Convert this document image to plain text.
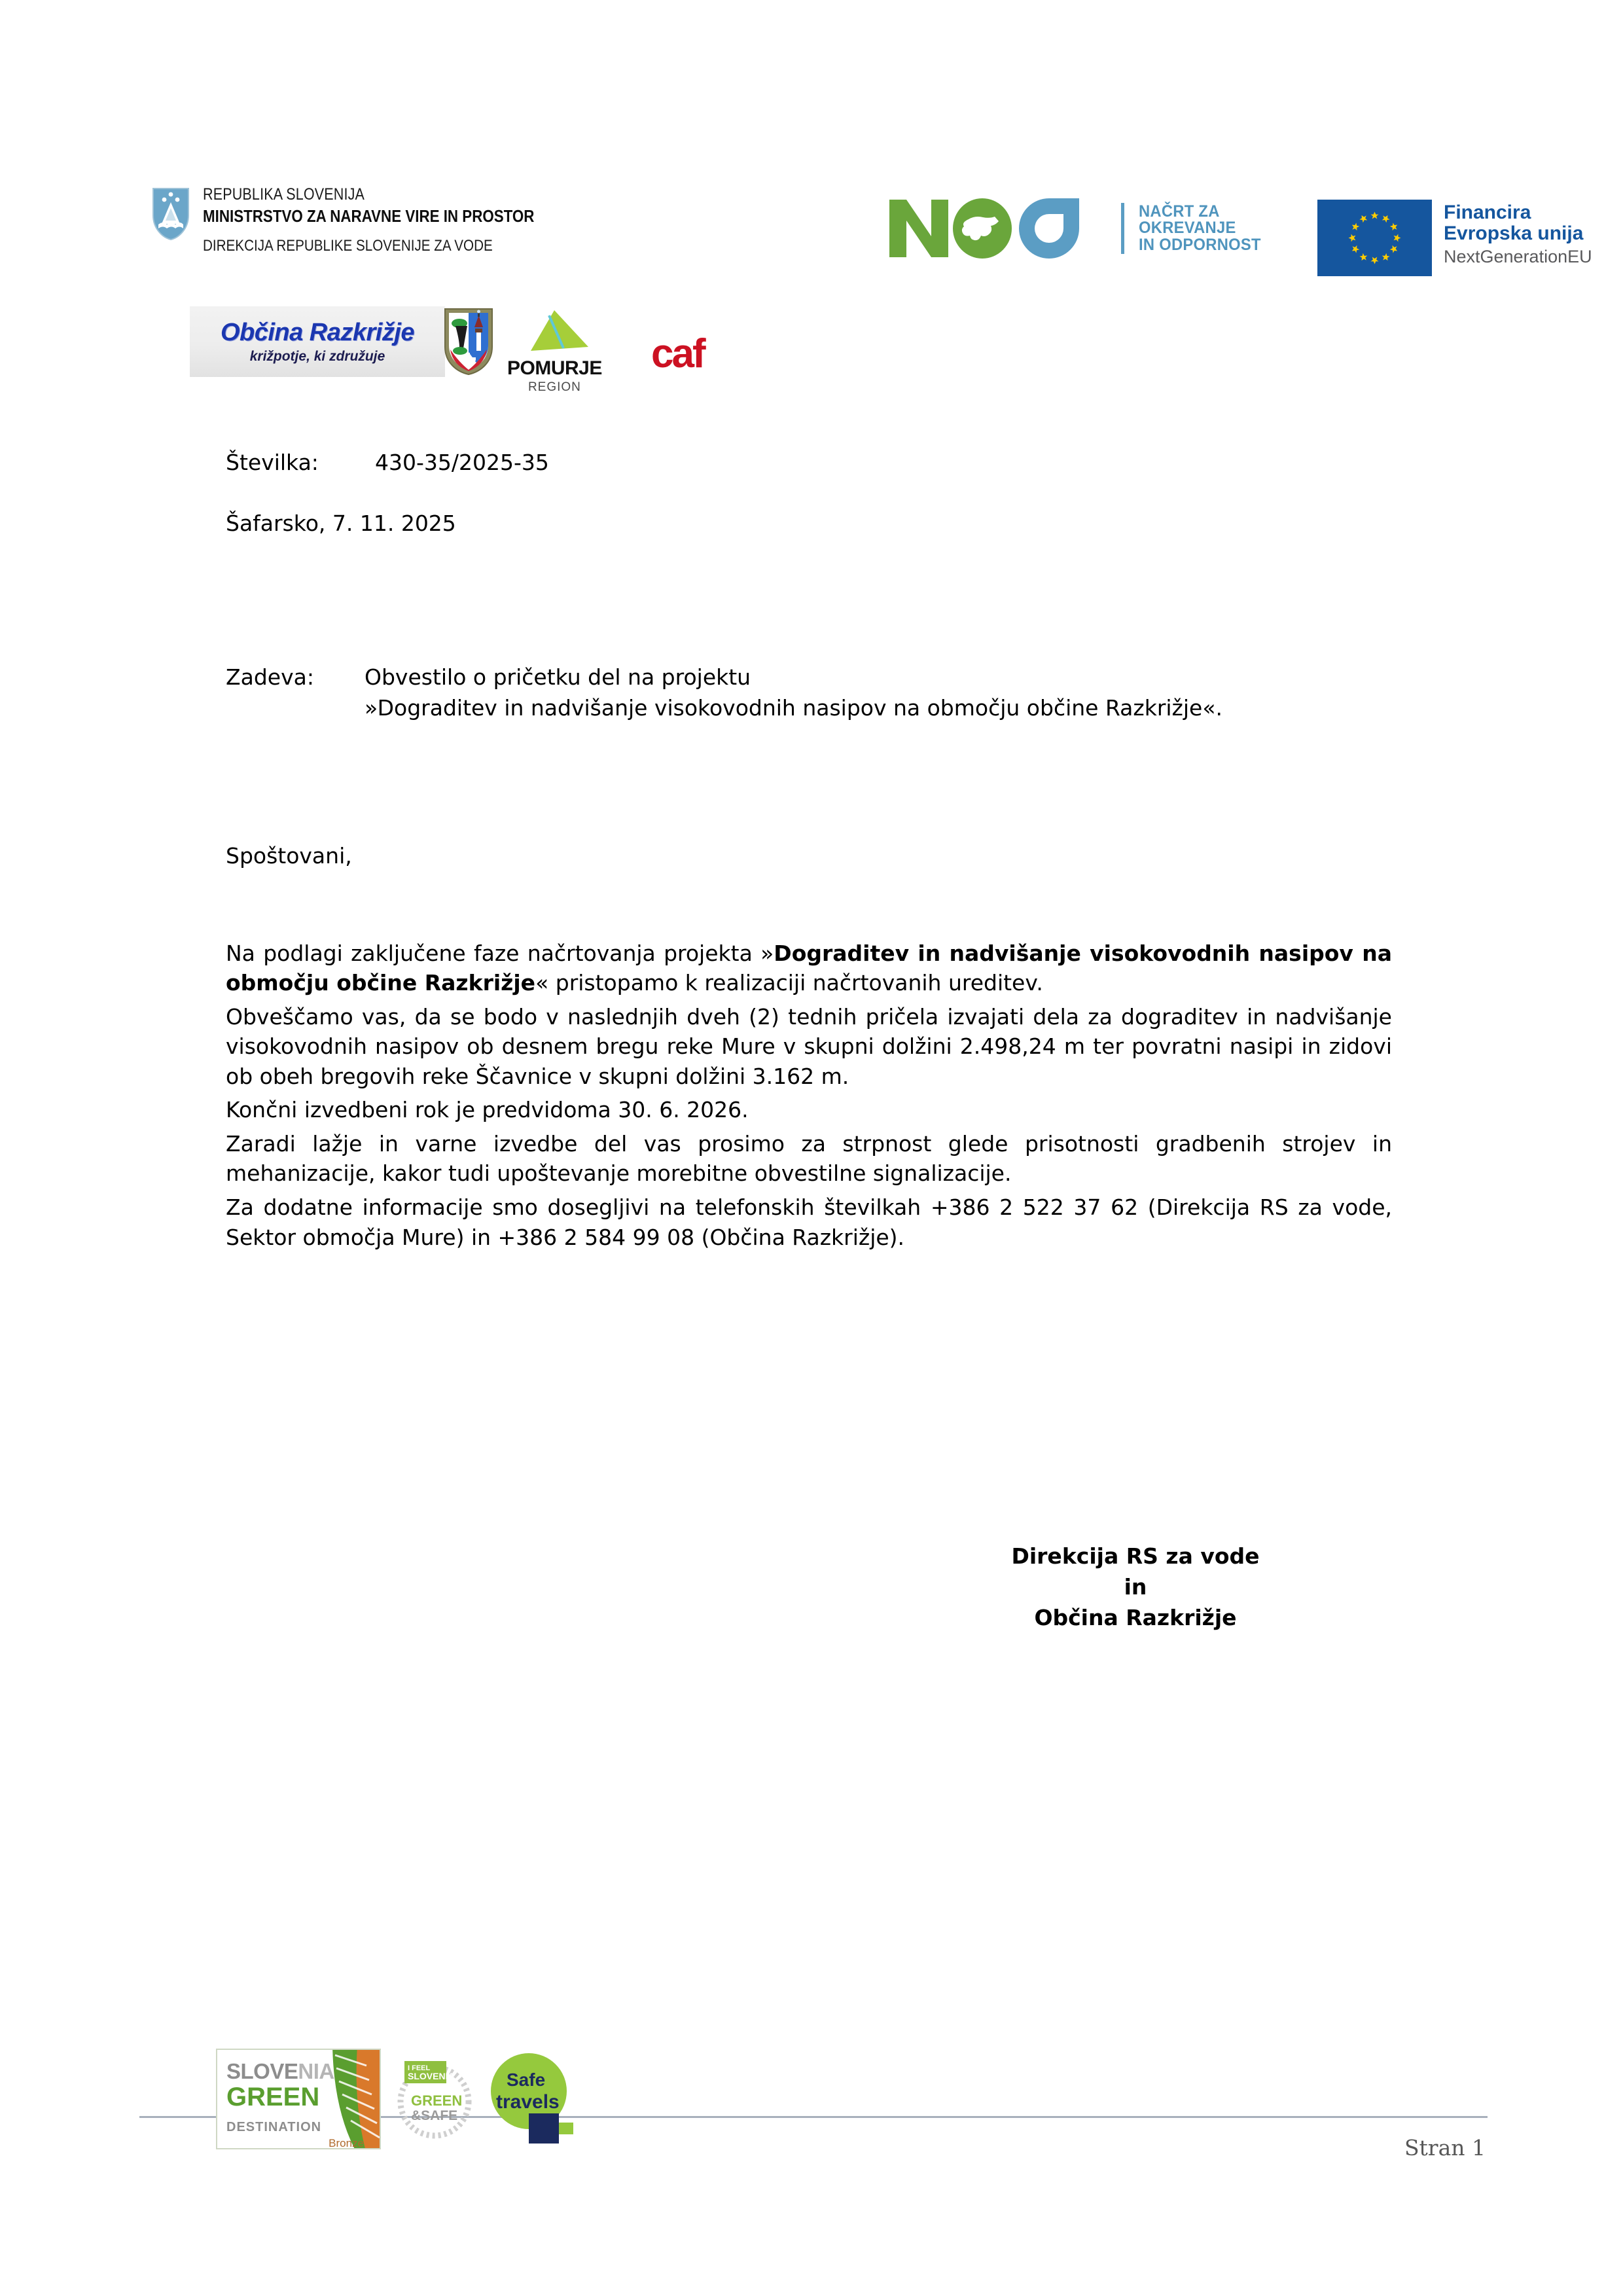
REPUBLIKA SLOVENIJA
MINISTRSTVO ZA NARAVNE VIRE IN PROSTOR
DIREKCIJA REPUBLIKE SLOVENIJE ZA VODE
NAČRT ZA
OKREVANJE
IN ODPORNOST
Financira
Evropska unija
NextGenerationEU
Občina Razkrižje
križpotje, ki združuje
POMURJE
REGION
caf
Številka:	430-35/2025-35
Šafarsko, 7. 11. 2025
Zadeva:	Obvestilo o pričetku del na projektu
»Dograditev in nadvišanje visokovodnih nasipov na območju občine Razkrižje«.
Spoštovani,

Na podlagi zaključene faze načrtovanja projekta »Dograditev in nadvišanje visokovodnih nasipov na območju občine Razkrižje« pristopamo k realizaciji načrtovanih ureditev.

Obveščamo vas, da se bodo v naslednjih dveh (2) tednih pričela izvajati dela za dograditev in nadvišanje visokovodnih nasipov ob desnem bregu reke Mure v skupni dolžini 2.498,24 m ter povratni nasipi in zidovi ob obeh bregovih reke Ščavnice v skupni dolžini 3.162 m.

Končni izvedbeni rok je predvidoma 30. 6. 2026.

Zaradi lažje in varne izvedbe del vas prosimo za strpnost glede prisotnosti gradbenih strojev in mehanizacije, kakor tudi upoštevanje morebitne obvestilne signalizacije.

Za dodatne informacije smo dosegljivi na telefonskih številkah +386 2 522 37 62 (Direkcija RS za vode, Sektor območja Mure) in +386 2 584 99 08 (Občina Razkrižje).

Direkcija RS za vode
in
Občina Razkrižje
SLOVENIA
GREEN
DESTINATION
Bronze
I FEEL
SLOVENIA
GREEN
&SAFE
Safe
travels
Stran 1
